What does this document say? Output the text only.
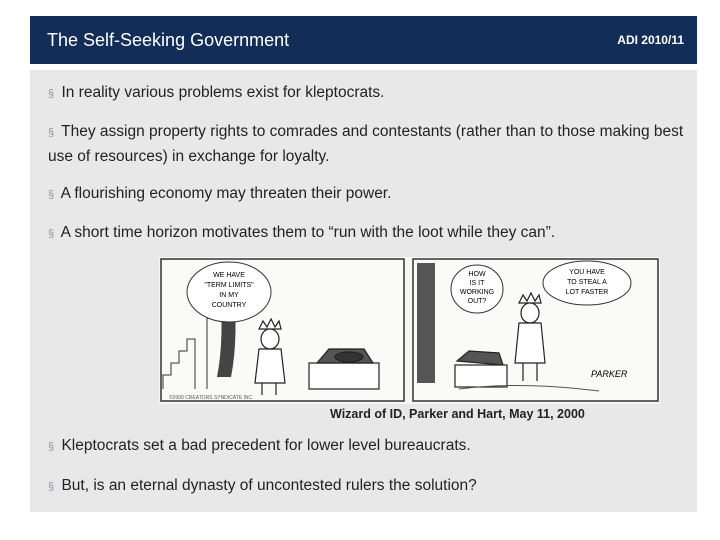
The Self-Seeking Government	ADI 2010/11
§ In reality various problems exist for kleptocrats.
§ They assign property rights to comrades and contestants (rather than to those making best use of resources) in exchange for loyalty.
§ A flourishing economy may threaten their power.
§ A short time horizon motivates them to “run with the loot while they can”.
WE HAVE
"TERM LIMITS"
IN MY
COUNTRY
©2000 CREATORS SYNDICATE INC.
HOW
IS IT
WORKING
OUT?
YOU HAVE
TO STEAL A
LOT FASTER
PARKER
Wizard of ID, Parker and Hart, May 11, 2000
§ Kleptocrats set a bad precedent for lower level bureaucrats.
§ But, is an eternal dynasty of uncontested rulers the solution?
